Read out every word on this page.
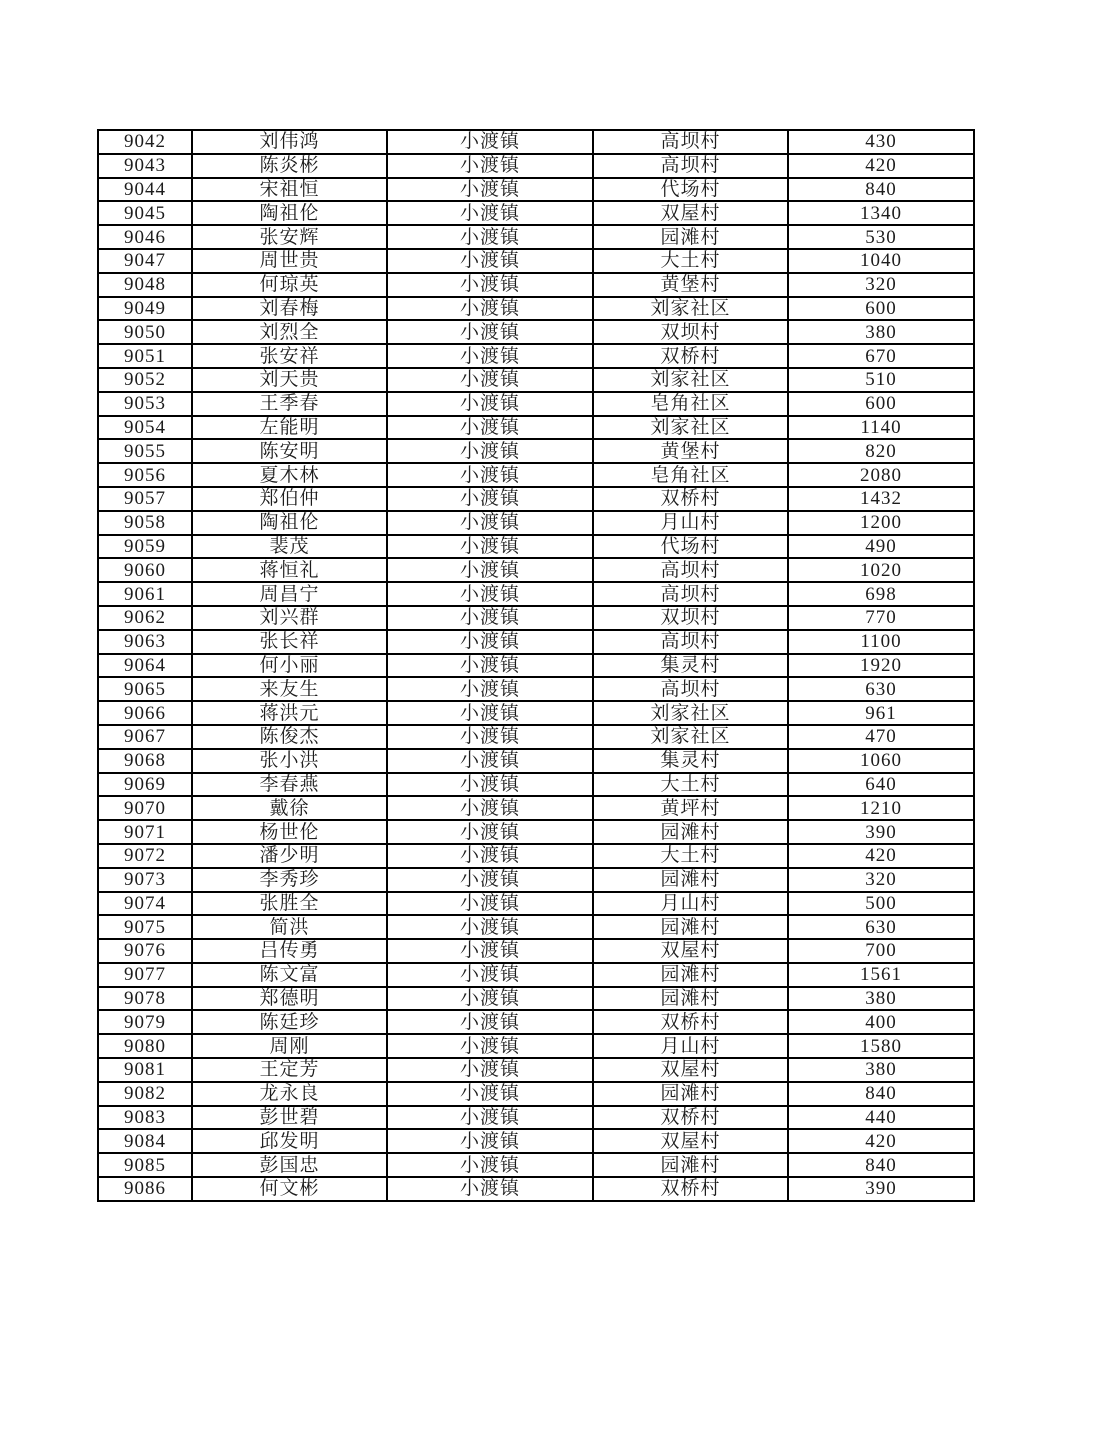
9042	刘伟鸿	小渡镇	高坝村	430
9043	陈炎彬	小渡镇	高坝村	420
9044	宋祖恒	小渡镇	代场村	840
9045	陶祖伦	小渡镇	双屋村	1340
9046	张安辉	小渡镇	园滩村	530
9047	周世贵	小渡镇	大土村	1040
9048	何琼英	小渡镇	黄堡村	320
9049	刘春梅	小渡镇	刘家社区	600
9050	刘烈全	小渡镇	双坝村	380
9051	张安祥	小渡镇	双桥村	670
9052	刘天贵	小渡镇	刘家社区	510
9053	王季春	小渡镇	皂角社区	600
9054	左能明	小渡镇	刘家社区	1140
9055	陈安明	小渡镇	黄堡村	820
9056	夏木林	小渡镇	皂角社区	2080
9057	郑伯仲	小渡镇	双桥村	1432
9058	陶祖伦	小渡镇	月山村	1200
9059	裴茂	小渡镇	代场村	490
9060	蒋恒礼	小渡镇	高坝村	1020
9061	周昌宁	小渡镇	高坝村	698
9062	刘兴群	小渡镇	双坝村	770
9063	张长祥	小渡镇	高坝村	1100
9064	何小丽	小渡镇	集灵村	1920
9065	来友生	小渡镇	高坝村	630
9066	蒋洪元	小渡镇	刘家社区	961
9067	陈俊杰	小渡镇	刘家社区	470
9068	张小洪	小渡镇	集灵村	1060
9069	李春燕	小渡镇	大土村	640
9070	戴徐	小渡镇	黄坪村	1210
9071	杨世伦	小渡镇	园滩村	390
9072	潘少明	小渡镇	大土村	420
9073	李秀珍	小渡镇	园滩村	320
9074	张胜全	小渡镇	月山村	500
9075	简洪	小渡镇	园滩村	630
9076	吕传勇	小渡镇	双屋村	700
9077	陈文富	小渡镇	园滩村	1561
9078	郑德明	小渡镇	园滩村	380
9079	陈廷珍	小渡镇	双桥村	400
9080	周刚	小渡镇	月山村	1580
9081	王定芳	小渡镇	双屋村	380
9082	龙永良	小渡镇	园滩村	840
9083	彭世碧	小渡镇	双桥村	440
9084	邱发明	小渡镇	双屋村	420
9085	彭国忠	小渡镇	园滩村	840
9086	何文彬	小渡镇	双桥村	390
